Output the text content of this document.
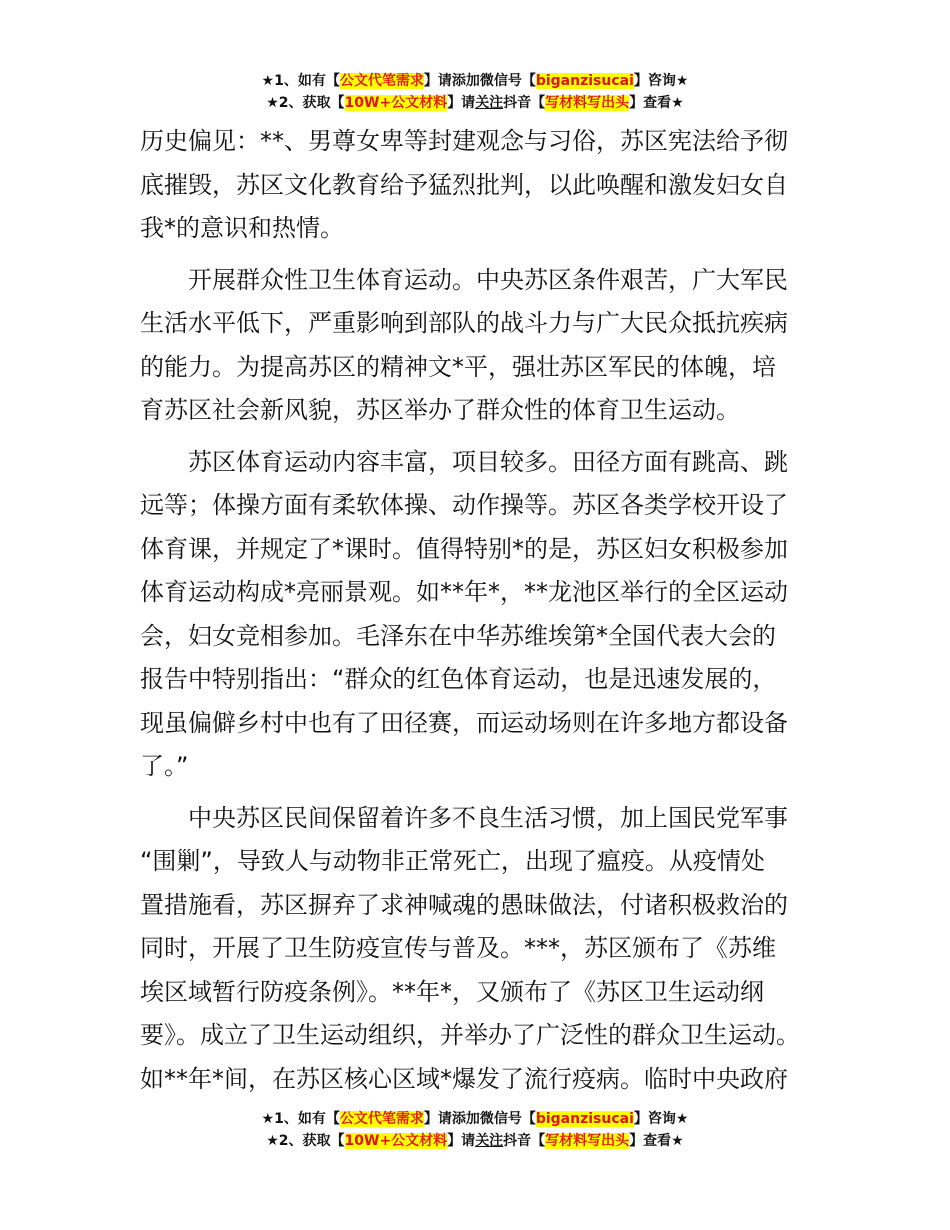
★1、如有【公文代笔需求】请添加微信号【biganzisucai】咨询★
★2、获取【10W+公文材料】请关注抖音【写材料写出头】查看★
历史偏见：**、男尊女卑等封建观念与习俗，苏区宪法给予彻
底摧毁，苏区文化教育给予猛烈批判，以此唤醒和激发妇女自
我*的意识和热情。
开展群众性卫生体育运动。中央苏区条件艰苦，广大军民
生活水平低下，严重影响到部队的战斗力与广大民众抵抗疾病
的能力。为提高苏区的精神文*平，强壮苏区军民的体魄，培
育苏区社会新风貌，苏区举办了群众性的体育卫生运动。
苏区体育运动内容丰富，项目较多。田径方面有跳高、跳
远等；体操方面有柔软体操、动作操等。苏区各类学校开设了
体育课，并规定了*课时。值得特别*的是，苏区妇女积极参加
体育运动构成*亮丽景观。如**年*，**龙池区举行的全区运动
会，妇女竞相参加。毛泽东在中华苏维埃第*全国代表大会的
报告中特别指出：“群众的红色体育运动，也是迅速发展的，
现虽偏僻乡村中也有了田径赛，而运动场则在许多地方都设备
了。”
中央苏区民间保留着许多不良生活习惯，加上国民党军事
“围剿”，导致人与动物非正常死亡，出现了瘟疫。从疫情处
置措施看，苏区摒弃了求神喊魂的愚昧做法，付诸积极救治的
同时，开展了卫生防疫宣传与普及。***，苏区颁布了《苏维
埃区域暂行防疫条例》。**年*，又颁布了《苏区卫生运动纲
要》。成立了卫生运动组织，并举办了广泛性的群众卫生运动。
如**年*间，在苏区核心区域*爆发了流行疫病。临时中央政府
★1、如有【公文代笔需求】请添加微信号【biganzisucai】咨询★
★2、获取【10W+公文材料】请关注抖音【写材料写出头】查看★
